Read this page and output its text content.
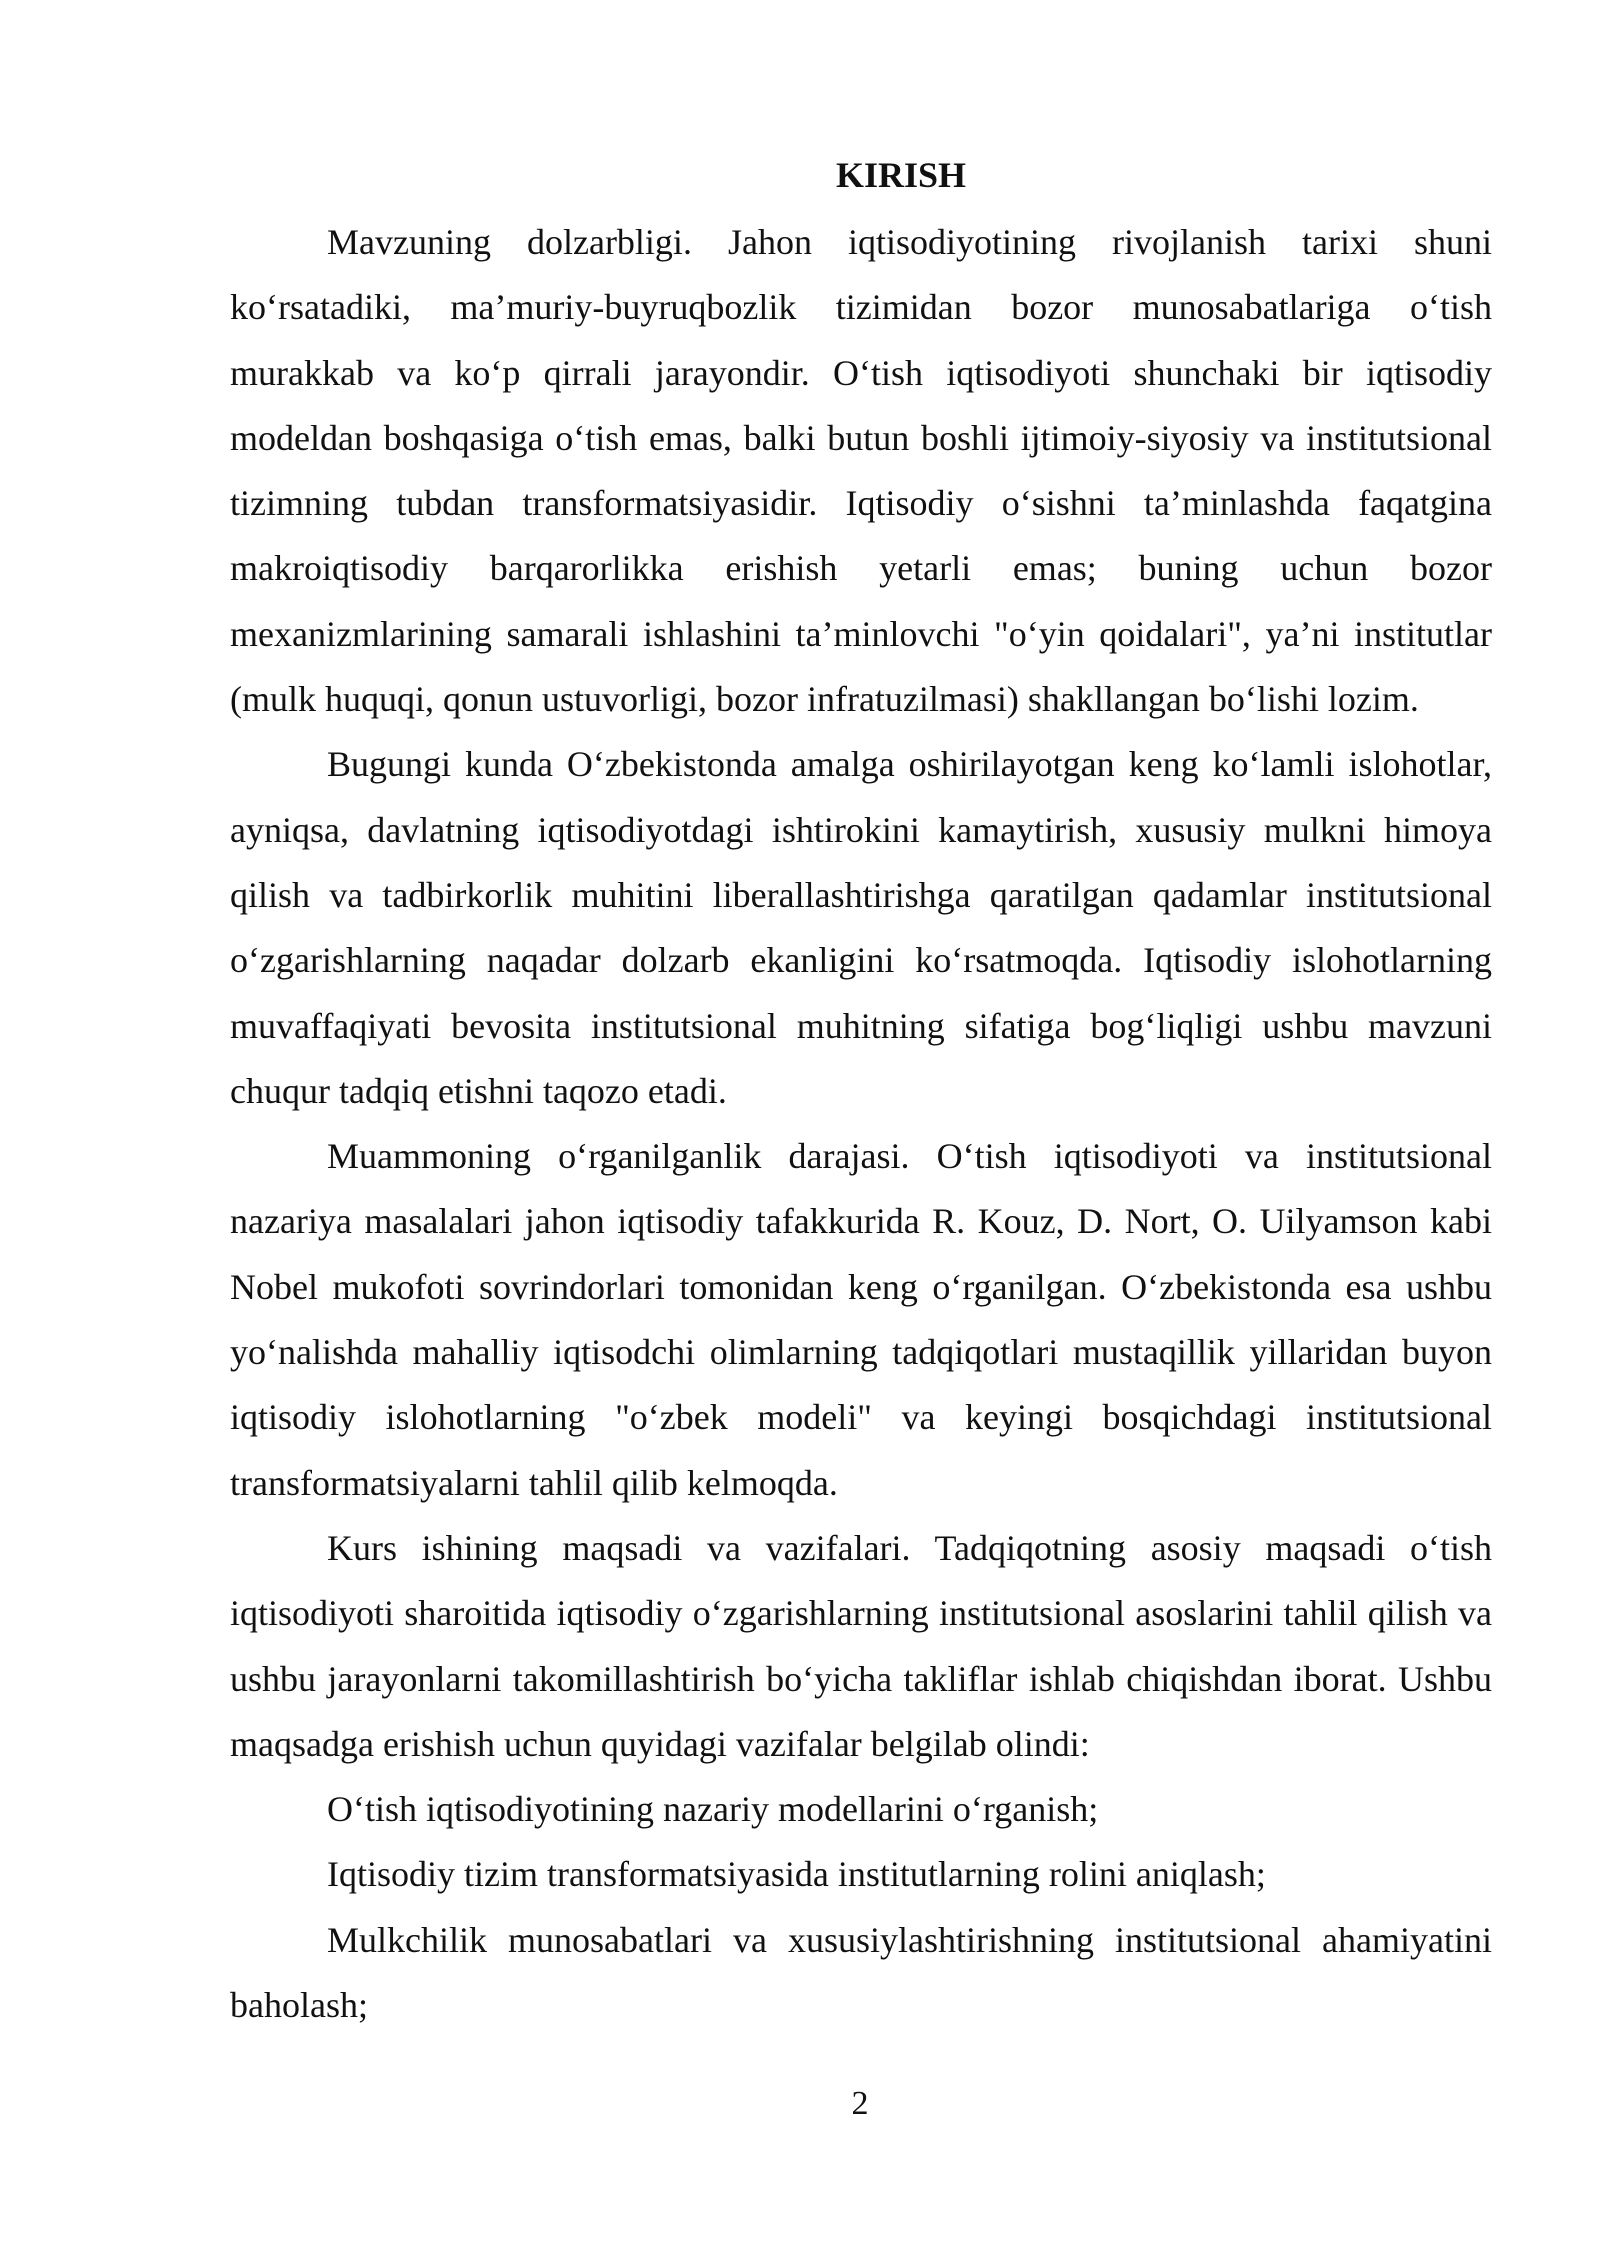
KIRISH

Mavzuning dolzarbligi. Jahon iqtisodiyotining rivojlanish tarixi shuni ko‘rsatadiki, ma’muriy-buyruqbozlik tizimidan bozor munosabatlariga o‘tish murakkab va ko‘p qirrali jarayondir. O‘tish iqtisodiyoti shunchaki bir iqtisodiy modeldan boshqasiga o‘tish emas, balki butun boshli ijtimoiy-siyosiy va institutsional tizimning tubdan transformatsiyasidir. Iqtisodiy o‘sishni ta’minlashda faqatgina makroiqtisodiy barqarorlikka erishish yetarli emas; buning uchun bozor mexanizmlarining samarali ishlashini ta’minlovchi "o‘yin qoidalari", ya’ni institutlar (mulk huquqi, qonun ustuvorligi, bozor infratuzilmasi) shakllangan bo‘lishi lozim.

Bugungi kunda O‘zbekistonda amalga oshirilayotgan keng ko‘lamli islohotlar, ayniqsa, davlatning iqtisodiyotdagi ishtirokini kamaytirish, xususiy mulkni himoya qilish va tadbirkorlik muhitini liberallashtirishga qaratilgan qadamlar institutsional o‘zgarishlarning naqadar dolzarb ekanligini ko‘rsatmoqda. Iqtisodiy islohotlarning muvaffaqiyati bevosita institutsional muhitning sifatiga bog‘liqligi ushbu mavzuni chuqur tadqiq etishni taqozo etadi.

Muammoning o‘rganilganlik darajasi. O‘tish iqtisodiyoti va institutsional nazariya masalalari jahon iqtisodiy tafakkurida R. Kouz, D. Nort, O. Uilyamson kabi Nobel mukofoti sovrindorlari tomonidan keng o‘rganilgan. O‘zbekistonda esa ushbu yo‘nalishda mahalliy iqtisodchi olimlarning tadqiqotlari mustaqillik yillaridan buyon iqtisodiy islohotlarning "o‘zbek modeli" va keyingi bosqichdagi institutsional transformatsiyalarni tahlil qilib kelmoqda.

Kurs ishining maqsadi va vazifalari. Tadqiqotning asosiy maqsadi o‘tish iqtisodiyoti sharoitida iqtisodiy o‘zgarishlarning institutsional asoslarini tahlil qilish va ushbu jarayonlarni takomillashtirish bo‘yicha takliflar ishlab chiqishdan iborat. Ushbu maqsadga erishish uchun quyidagi vazifalar belgilab olindi:

O‘tish iqtisodiyotining nazariy modellarini o‘rganish;

Iqtisodiy tizim transformatsiyasida institutlarning rolini aniqlash;

Mulkchilik munosabatlari va xususiylashtirishning institutsional ahamiyatini baholash;

2
